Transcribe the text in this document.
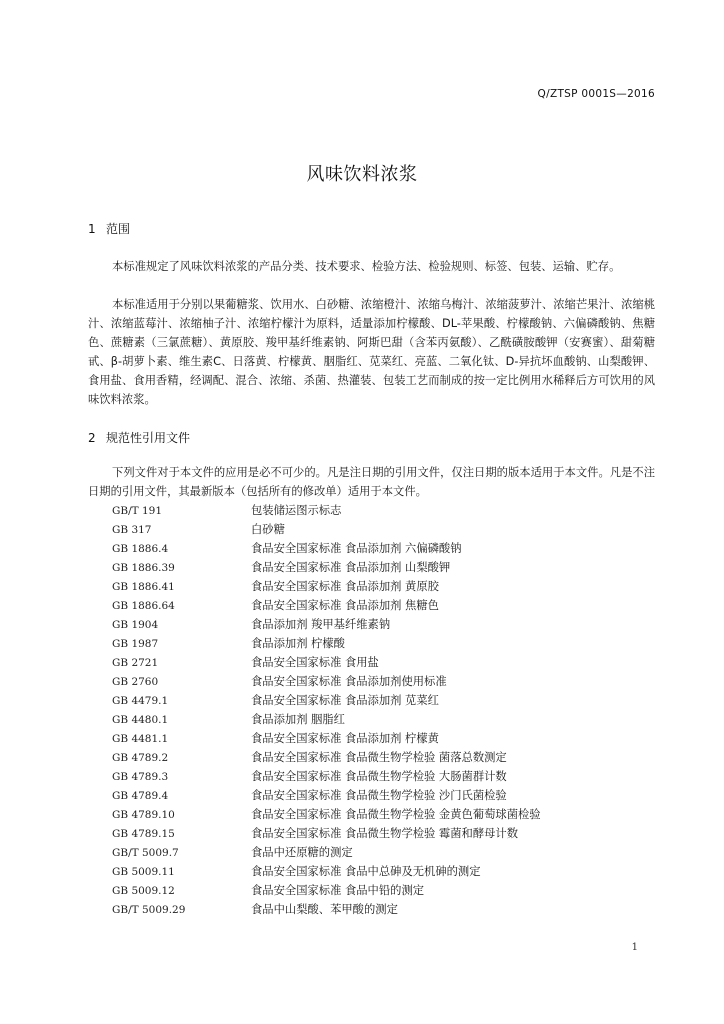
Q/ZTSP 0001S—2016
风味饮料浓浆
1 范围
本标准规定了风味饮料浓浆的产品分类、技术要求、检验方法、检验规则、标签、包装、运输、贮存。
本标准适用于分别以果葡糖浆、饮用水、白砂糖、浓缩橙汁、浓缩乌梅汁、浓缩菠萝汁、浓缩芒果汁、浓缩桃汁、浓缩蓝莓汁、浓缩柚子汁、浓缩柠檬汁为原料，适量添加柠檬酸、DL-苹果酸、柠檬酸钠、六偏磷酸钠、焦糖色、蔗糖素（三氯蔗糖）、黄原胶、羧甲基纤维素钠、阿斯巴甜（含苯丙氨酸）、乙酰磺胺酸钾（安赛蜜）、甜菊糖甙、β-胡萝卜素、维生素C、日落黄、柠檬黄、胭脂红、苋菜红、亮蓝、二氧化钛、D-异抗坏血酸钠、山梨酸钾、食用盐、食用香精，经调配、混合、浓缩、杀菌、热灌装、包装工艺而制成的按一定比例用水稀释后方可饮用的风味饮料浓浆。
2 规范性引用文件
下列文件对于本文件的应用是必不可少的。凡是注日期的引用文件，仅注日期的版本适用于本文件。凡是不注日期的引用文件，其最新版本（包括所有的修改单）适用于本文件。
GB/T 191	包装储运图示标志
GB 317	白砂糖
GB 1886.4	食品安全国家标准 食品添加剂 六偏磷酸钠
GB 1886.39	食品安全国家标准 食品添加剂 山梨酸钾
GB 1886.41	食品安全国家标准 食品添加剂 黄原胶
GB 1886.64	食品安全国家标准 食品添加剂 焦糖色
GB 1904	食品添加剂 羧甲基纤维素钠
GB 1987	食品添加剂 柠檬酸
GB 2721	食品安全国家标准 食用盐
GB 2760	食品安全国家标准 食品添加剂使用标准
GB 4479.1	食品安全国家标准 食品添加剂 苋菜红
GB 4480.1	食品添加剂 胭脂红
GB 4481.1	食品安全国家标准 食品添加剂 柠檬黄
GB 4789.2	食品安全国家标准 食品微生物学检验 菌落总数测定
GB 4789.3	食品安全国家标准 食品微生物学检验 大肠菌群计数
GB 4789.4	食品安全国家标准 食品微生物学检验 沙门氏菌检验
GB 4789.10	食品安全国家标准 食品微生物学检验 金黄色葡萄球菌检验
GB 4789.15	食品安全国家标准 食品微生物学检验 霉菌和酵母计数
GB/T 5009.7	食品中还原糖的测定
GB 5009.11	食品安全国家标准 食品中总砷及无机砷的测定
GB 5009.12	食品安全国家标准 食品中铅的测定
GB/T 5009.29	食品中山梨酸、苯甲酸的测定
1
